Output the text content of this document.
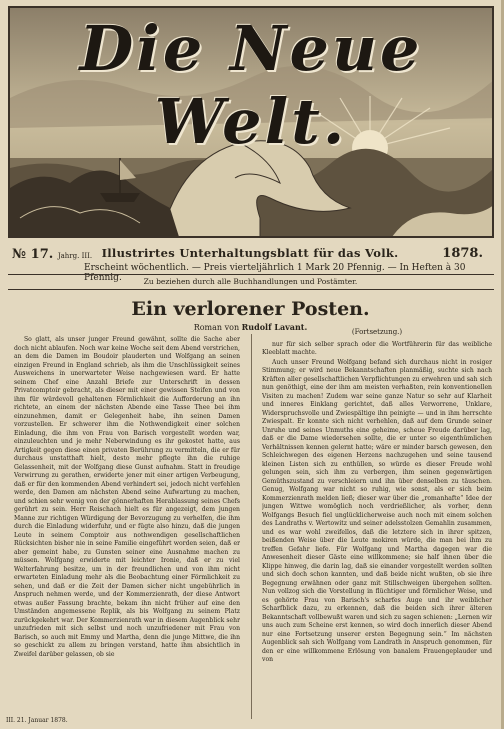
Die Neue Welt.
№ 17. Jahrg. III. Illustrirtes Unterhaltungsblatt für das Volk.	1878.
Erscheint wöchentlich. — Preis vierteljährlich 1 Mark 20 Pfennig. — In Heften à 30 Pfennig.	Zu beziehen durch alle Buchhandlungen und Postämter.
Ein verlorener Posten.
Roman von Rudolf Lavant.

So glatt, als unser junger Freund gewähnt, sollte die Sache aber doch nicht ablaufen. Noch war keine Woche seit dem Abend verstrichen, an dem die Damen im Boudoir plauderten und Wolfgang an seinen einzigen Freund in England schrieb, als ihm die Unschlüssigkeit seines Ausweichens in unerwarteter Weise nachgewiesen ward. Er hatte seinem Chef eine Anzahl Briefe zur Unterschrift in dessen Privatcomptoir gebracht, als dieser mit einer gewissen Steifen und von ihm für würdevoll gehaltenen Förmlichkeit die Aufforderung an ihn richtete, an einem der nächsten Abende eine Tasse Thee bei ihm einzunehmen, damit er Gelegenheit habe, ihn seinen Damen vorzustellen. Er schwerer ihm die Nothwendigkeit einer solchen Einladung, die ihm von Frau von Barisch vorgestellt worden war, einzuleuchten und je mehr Neberwindung es ihr gekostet hatte, aus Artigkeit gegen diese einen privaten Berührung zu vermitteln, die er für durchaus unstatthaft hielt, desto mehr pflegte ihn die ruhige Gelassenheit, mit der Wolfgang diese Gunst aufnahm. Statt in freudige Verwirrung zu gerathen, erwiderte jener mit einer artigen Verbeugung, daß er für den kommenden Abend verhindert sei, jedoch nicht verfehlen werde, den Damen am nächsten Abend seine Aufwartung zu machen, und schien sehr wenig von der gönnerhaften Herablassung seines Chefs gerührt zu sein. Herr Reischach hielt es für angezeigt, dem jungen Manne zur richtigen Würdigung der Bevorzugung zu verhelfen, die ihm durch die Einladung widerfuhr, und er fügte also hinzu, daß die jungen Leute in seinem Comptoir aus nothwendigen gesellschaftlichen Rücksichten bisher nie in seine Familie eingeführt worden seien, daß er aber gemeint habe, zu Gunsten seiner eine Ausnahme machen zu müssen. Wolfgang erwiderte mit leichter Ironie, daß er zu viel Welterfahrung besitze, um in der freundlichen und von ihm nicht erwarteten Einladung mehr als die Beobachtung einer Förmlichkeit zu sehen, und daß er die Zeit der Damen sicher nicht ungebührlich in Anspruch nehmen werde, und der Kommerzienrath, der diese Antwort etwas außer Fassung brachte, bekam ihn nicht früher auf eine den Umständen angemessene Replik, als bis Wolfgang zu seinem Platz zurückgekehrt war. Der Kommerzienrath war in diesem Augenblick sehr unzufrieden mit sich selbst und noch unzufriedener mit Frau von Barisch, so auch mit Emmy und Martha, denn die junge Mittwe, die ihn so geschickt zu allem zu bringen verstand, hatte ihm absichtlich in Zweifel darüber gelassen, ob sie

(Fortsetzung.)

nur für sich selber sprach oder die Wortführerin für das weibliche Kleeblatt machte.

Auch unser Freund Wolfgang befand sich durchaus nicht in rosiger Stimmung; er wird neue Bekanntschaften planmäßig, suchte sich nach Kräften aller gesellschaftlichen Verpflichtungen zu erwehren und sah sich nun genöthigt, eine der ihm am meisten verhaßten, rein konventionellen Visiten zu machen! Zudem war seine ganze Natur so sehr auf Klarheit und inneres Einklang gerichtet, daß alles Verworrene, Unklare, Widerspruchsvolle und Zwiespältige ihn peinigte — und in ihm herrschte Zwiespalt. Er konnte sich nicht verhehlen, daß auf dem Grunde seiner Unruhe und seines Unmuths eine geheime, scheue Freude darüber lag, daß er die Dame wiedersehen sollte, die er unter so eigenthümlichen Verhältnissen kennen gelernt hatte; wäre er minder barsch gewesen, den Schleichwegen des eigenen Herzens nachzugehen und seine tausend kleinen Listen sich zu enthüllen, so würde es dieser Freude wohl gelungen sein, sich ihm zu verbergen, ihm seinen gegenwärtigen Gemüthszustand zu verschleiern und ihn über denselben zu täuschen. Genug, Wolfgang war nicht so ruhig, wie sonst, als er sich beim Kommerzienrath melden ließ; dieser war über die „romanhafte“ Idee der jungen Wittwe womöglich noch verdrießlicher, als vorher, denn Wolfgangs Besuch fiel unglücklicherweise auch noch mit einem solchen des Landraths v. Wertowitz und seiner adelsstolzen Gemahlin zusammen, und es war wohl zweifellos, daß die letztere sich in ihrer spitzen, beißenden Weise über die Leute mokiren würde, die man bei ihm zu treffen Gefahr liefe. Für Wolfgang und Martha dagegen war die Anwesenheit dieser Gäste eine willkommene; sie half ihnen über die Klippe hinweg, die darin lag, daß sie einander vorgestellt werden sollten und sich doch schon kannten, und daß beide nicht wußten, ob sie ihre Begegnung erwähnen oder ganz mit Stillschweigen übergehen sollten. Nun vollzog sich die Vorstellung in flüchtiger und förmlicher Weise, und es gehörte Frau von Barisch's scharfes Auge und ihr weiblicher Scharfblick dazu, zu erkennen, daß die beiden sich ihrer älteren Bekanntschaft vollbewußt waren und sich zu sagen schienen: „Lernen wir uns auch zum Scheine erst kennen, so wird doch innerlich dieser Abend nur eine Fortsetzung unserer ersten Begegnung sein.“ Im nächsten Augenblick sah sich Wolfgang vom Landrath in Anspruch genommen, für den er eine willkommene Erlösung von banalem Frauengeplauder und von

III. 21. Januar 1878.
